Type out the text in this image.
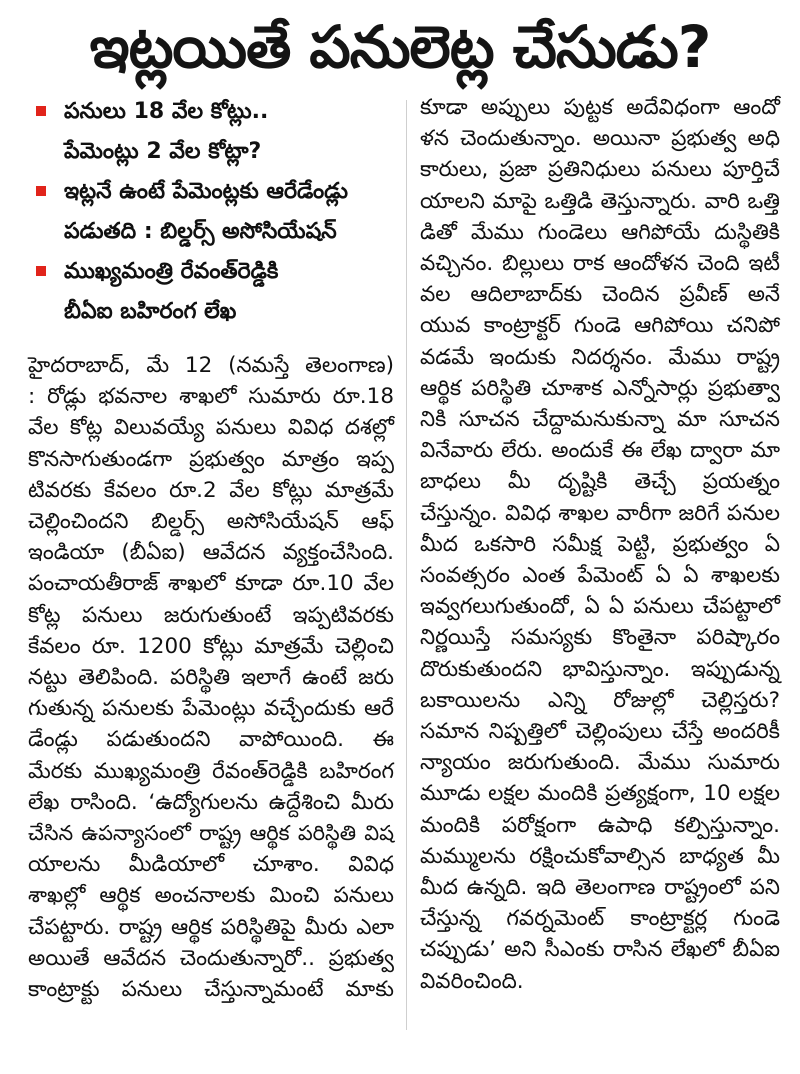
ఇట్లయితే పనులెట్ల చేసుడు?
పనులు 18 వేల కోట్లు..
పేమెంట్లు 2 వేల కోట్లా?
ఇట్లనే ఉంటే పేమెంట్లకు ఆరేడేండ్లు
పడుతది : బిల్డర్స్ అసోసియేషన్
ముఖ్యమంత్రి రేవంత్‌రెడ్డికి
బీఏఐ బహిరంగ లేఖ
హైదరాబాద్, మే 12 (నమస్తే తెలంగాణ)
: రోడ్లు భవనాల శాఖలో సుమారు రూ.18
వేల కోట్ల విలువయ్యే పనులు వివిధ దశల్లో
కొనసాగుతుండగా ప్రభుత్వం మాత్రం ఇప్ప
టివరకు కేవలం రూ.2 వేల కోట్లు మాత్రమే
చెల్లించిందని బిల్డర్స్ అసోసియేషన్ ఆఫ్
ఇండియా (బీఏఐ) ఆవేదన వ్యక్తంచేసింది.
పంచాయతీరాజ్ శాఖలో కూడా రూ.10 వేల
కోట్ల పనులు జరుగుతుంటే ఇప్పటివరకు
కేవలం రూ. 1200 కోట్లు మాత్రమే చెల్లించి
నట్టు తెలిపింది. పరిస్థితి ఇలాగే ఉంటే జరు
గుతున్న పనులకు పేమెంట్లు వచ్చేందుకు ఆరే
డేండ్లు పడుతుందని వాపోయింది. ఈ
మేరకు ముఖ్యమంత్రి రేవంత్‌రెడ్డికి బహిరంగ
లేఖ రాసింది. ‘ఉద్యోగులను ఉద్దేశించి మీరు
చేసిన ఉపన్యాసంలో రాష్ట్ర ఆర్థిక పరిస్థితి విష
యాలను మీడియాలో చూశాం. వివిధ
శాఖల్లో ఆర్థిక అంచనాలకు మించి పనులు
చేపట్టారు. రాష్ట్ర ఆర్థిక పరిస్థితిపై మీరు ఎలా
అయితే ఆవేదన చెందుతున్నారో.. ప్రభుత్వ
కాంట్రాక్టు పనులు చేస్తున్నామంటే మాకు
కూడా అప్పులు పుట్టక అదేవిధంగా ఆందో
ళన చెందుతున్నాం. అయినా ప్రభుత్వ అధి
కారులు, ప్రజా ప్రతినిధులు పనులు పూర్తిచే
యాలని మాపై ఒత్తిడి తెస్తున్నారు. వారి ఒత్తి
డితో మేము గుండెలు ఆగిపోయే దుస్థితికి
వచ్చినం. బిల్లులు రాక ఆందోళన చెంది ఇటీ
వల ఆదిలాబాద్‌కు చెందిన ప్రవీణ్ అనే
యువ కాంట్రాక్టర్ గుండె ఆగిపోయి చనిపో
వడమే ఇందుకు నిదర్శనం. మేము రాష్ట్ర
ఆర్థిక పరిస్థితి చూశాక ఎన్నోసార్లు ప్రభుత్వా
నికి సూచన చేద్దామనుకున్నా మా సూచన
వినేవారు లేరు. అందుకే ఈ లేఖ ద్వారా మా
బాధలు మీ దృష్టికి తెచ్చే ప్రయత్నం
చేస్తున్నం. వివిధ శాఖల వారీగా జరిగే పనుల
మీద ఒకసారి సమీక్ష పెట్టి, ప్రభుత్వం ఏ
సంవత్సరం ఎంత పేమెంట్ ఏ ఏ శాఖలకు
ఇవ్వగలుగుతుందో, ఏ ఏ పనులు చేపట్టాలో
నిర్ణయిస్తే సమస్యకు కొంతైనా పరిష్కారం
దొరుకుతుందని భావిస్తున్నాం. ఇప్పుడున్న
బకాయిలను ఎన్ని రోజుల్లో చెల్లిస్తరు?
సమాన నిష్పత్తిలో చెల్లింపులు చేస్తే అందరికీ
న్యాయం జరుగుతుంది. మేము సుమారు
మూడు లక్షల మందికి ప్రత్యక్షంగా, 10 లక్షల
మందికి పరోక్షంగా ఉపాధి కల్పిస్తున్నాం.
మమ్ములను రక్షించుకోవాల్సిన బాధ్యత మీ
మీద ఉన్నది. ఇది తెలంగాణ రాష్ట్రంలో పని
చేస్తున్న గవర్నమెంట్ కాంట్రాక్టర్ల గుండె
చప్పుడు’ అని సీఎంకు రాసిన లేఖలో బీఏఐ
వివరించింది.
